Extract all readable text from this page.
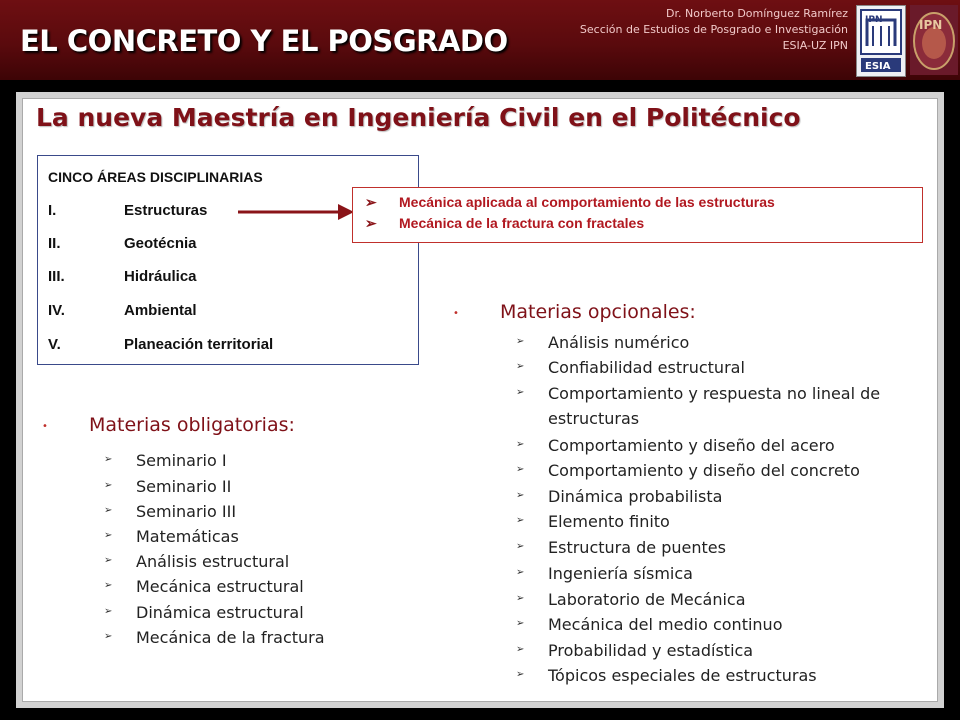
EL CONCRETO Y EL POSGRADO
Dr. Norberto Domínguez Ramírez
Sección de Estudios de Posgrado e Investigación
ESIA-UZ IPN
IPN
ESIA
IPN
La nueva Maestría en Ingeniería Civil en el Politécnico
CINCO ÁREAS DISCIPLINARIAS
I.	Estructuras
II.	Geotécnia
III.	Hidráulica
IV.	Ambiental
V.	Planeación territorial
➢ Mecánica aplicada al comportamiento de las estructuras
➢ Mecánica de la fractura con fractales
• Materias obligatorias:
➢ Seminario I
➢ Seminario II
➢ Seminario III
➢ Matemáticas
➢ Análisis estructural
➢ Mecánica estructural
➢ Dinámica estructural
➢ Mecánica de la fractura
• Materias opcionales:
➢ Análisis numérico
➢ Confiabilidad estructural
➢ Comportamiento y respuesta no lineal de
estructuras
➢ Comportamiento y diseño del acero
➢ Comportamiento y diseño del concreto
➢ Dinámica probabilista
➢ Elemento finito
➢ Estructura de puentes
➢ Ingeniería sísmica
➢ Laboratorio de Mecánica
➢ Mecánica del medio continuo
➢ Probabilidad y estadística
➢ Tópicos especiales de estructuras
